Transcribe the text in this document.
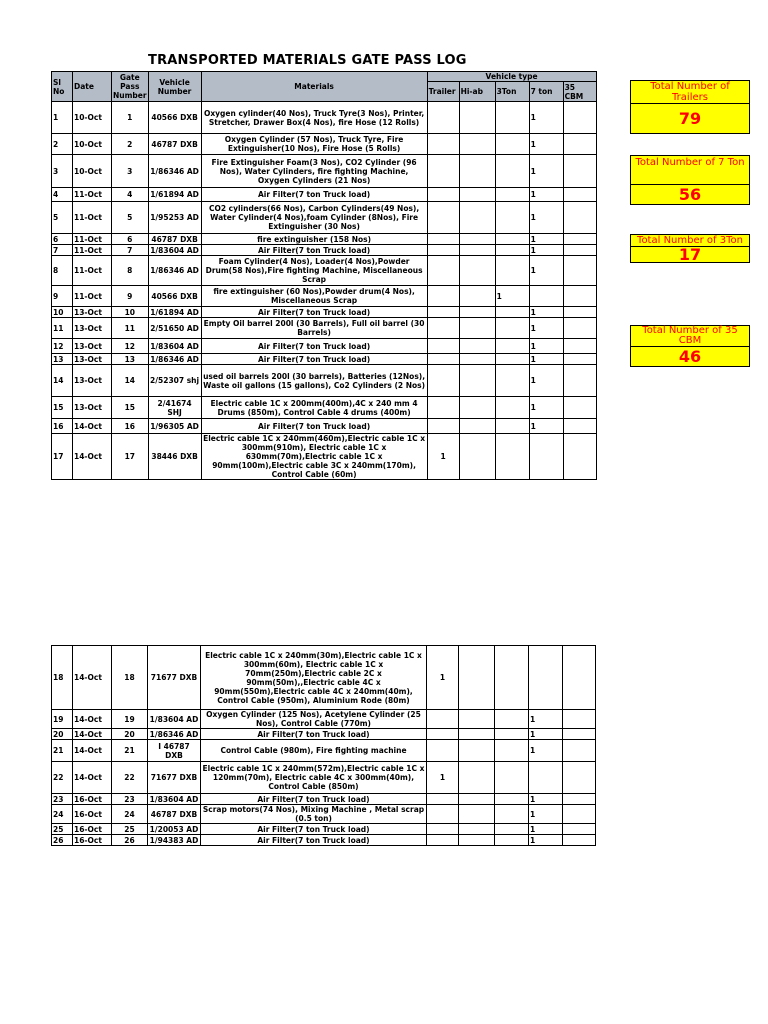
TRANSPORTED MATERIALS GATE PASS LOG
Sl No	Date	Gate Pass Number	Vehicle Number	Materials	Vehicle type				
					Trailer	Hi-ab	3Ton	7 ton	35 CBM
1	10-Oct	1	40566 DXB	Oxygen cylinder(40 Nos), Truck Tyre(3 Nos), Printer, Stretcher, Drawer Box(4 Nos), fire Hose (12 Rolls)				1	
2	10-Oct	2	46787 DXB	Oxygen Cylinder (57 Nos), Truck Tyre, Fire Extinguisher(10 Nos), Fire Hose (5 Rolls)				1	
3	10-Oct	3	1/86346 AD	Fire Extinguisher Foam(3 Nos), CO2 Cylinder (96 Nos), Water Cylinders, fire fighting Machine, Oxygen Cylinders (21 Nos)				1	
4	11-Oct	4	1/61894 AD	Air Filter(7 ton Truck load)				1	
5	11-Oct	5	1/95253 AD	CO2 cylinders(66 Nos), Carbon Cylinders(49 Nos), Water Cylinder(4 Nos),foam Cylinder (8Nos), Fire Extinguisher (30 Nos)				1	
6	11-Oct	6	46787 DXB	fire extinguisher (158 Nos)				1	
7	11-Oct	7	1/83604 AD	Air Filter(7 ton Truck load)				1	
8	11-Oct	8	1/86346 AD	Foam Cylinder(4 Nos), Loader(4 Nos),Powder Drum(58 Nos),Fire fighting Machine, Miscellaneous Scrap				1	
9	11-Oct	9	40566 DXB	fire extinguisher (60 Nos),Powder drum(4 Nos), Miscellaneous Scrap			1		
10	13-Oct	10	1/61894 AD	Air Filter(7 ton Truck load)				1	
11	13-Oct	11	2/51650 AD	Empty Oil barrel 200l (30 Barrels), Full oil barrel (30 Barrels)				1	
12	13-Oct	12	1/83604 AD	Air Filter(7 ton Truck load)				1	
13	13-Oct	13	1/86346 AD	Air Filter(7 ton Truck load)				1	
14	13-Oct	14	2/52307 shj	used oil barrels 200l (30 barrels), Batteries (12Nos), Waste oil gallons (15 gallons), Co2 Cylinders (2 Nos)				1	
15	13-Oct	15	2/41674 SHJ	Electric cable 1C x 200mm(400m),4C x 240 mm 4 Drums (850m), Control Cable 4 drums (400m)				1	
16	14-Oct	16	1/96305 AD	Air Filter(7 ton Truck load)				1	
17	14-Oct	17	38446 DXB	Electric cable 1C x 240mm(460m),Electric cable 1C x 300mm(910m), Electric cable 1C x 630mm(70m),Electric cable 1C x 90mm(100m),Electric cable 3C x 240mm(170m), Control Cable (60m)	1				
18	14-Oct	18	71677 DXB	Electric cable 1C x 240mm(30m),Electric cable 1C x 300mm(60m), Electric cable 1C x 70mm(250m),Electric cable 2C x 90mm(50m),,Electric cable 4C x 90mm(550m),Electric cable 4C x 240mm(40m), Control Cable (950m), Aluminium Rode (80m)	1				
19	14-Oct	19	1/83604 AD	Oxygen Cylinder (125 Nos), Acetylene Cylinder (25 Nos), Control Cable (770m)				1	
20	14-Oct	20	1/86346 AD	Air Filter(7 ton Truck load)				1	
21	14-Oct	21	I 46787 DXB	Control Cable (980m), Fire fighting machine				1	
22	14-Oct	22	71677 DXB	Electric cable 1C x 240mm(572m),Electric cable 1C x 120mm(70m), Electric cable 4C x 300mm(40m), Control Cable (850m)	1				
23	16-Oct	23	1/83604 AD	Air Filter(7 ton Truck load)				1	
24	16-Oct	24	46787 DXB	Scrap motors(74 Nos), Mixing Machine , Metal scrap (0.5 ton)				1	
25	16-Oct	25	1/20053 AD	Air Filter(7 ton Truck load)				1	
26	16-Oct	26	1/94383 AD	Air Filter(7 ton Truck load)				1	
Total Number of Trailers
79
Total Number of 7 Ton
56
Total Number of 3Ton
17
Total Number of 35 CBM
46
